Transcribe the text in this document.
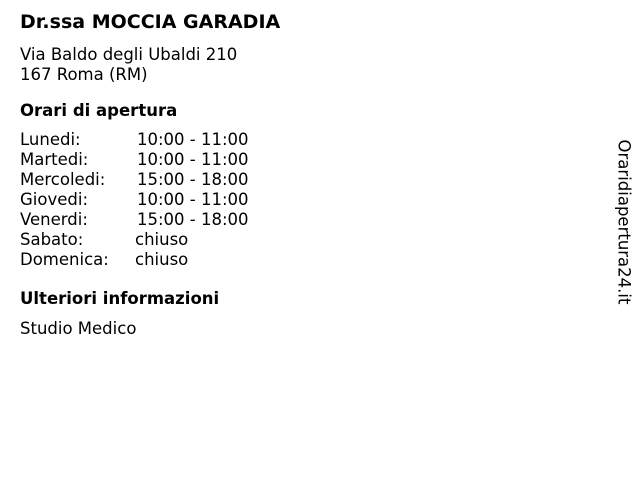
Dr.ssa MOCCIA GARADIA
Via Baldo degli Ubaldi 210
167 Roma (RM)
Orari di apertura
Lunedi:	10:00 - 11:00
Martedi:	10:00 - 11:00
Mercoledi:	15:00 - 18:00
Giovedi:	10:00 - 11:00
Venerdi:	15:00 - 18:00
Sabato:	chiuso
Domenica:	chiuso
Ulteriori informazioni
Studio Medico
Oraridiapertura24.it
